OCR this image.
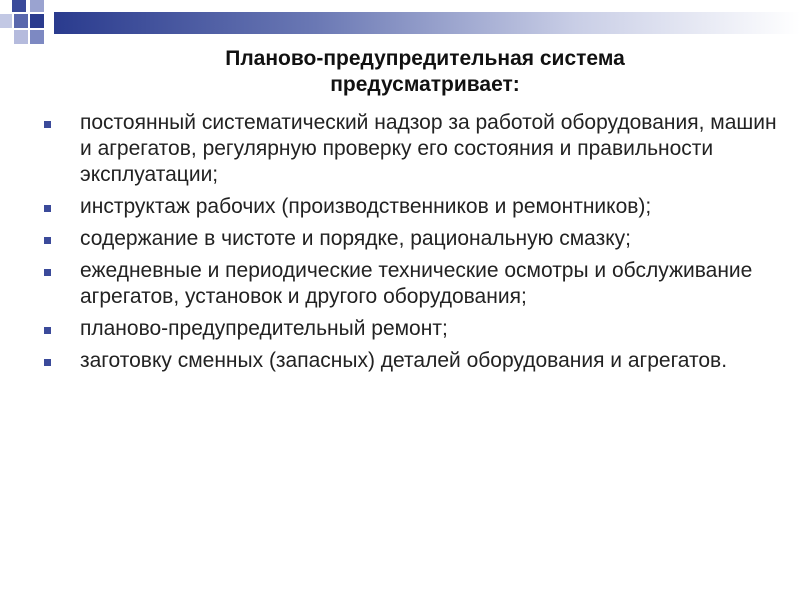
Планово-предупредительная система
предусматривает:
постоянный систематический надзор за работой оборудования, машин и агрегатов, регулярную проверку его состояния и правильности эксплуатации;
инструктаж рабочих (производственников и ремонтников);
содержание в чистоте и порядке, рациональную смазку;
ежедневные и периодические технические осмотры и обслуживание агрегатов, установок и другого оборудования;
планово-предупредительный ремонт;
заготовку сменных (запасных) деталей оборудования и агрегатов.
